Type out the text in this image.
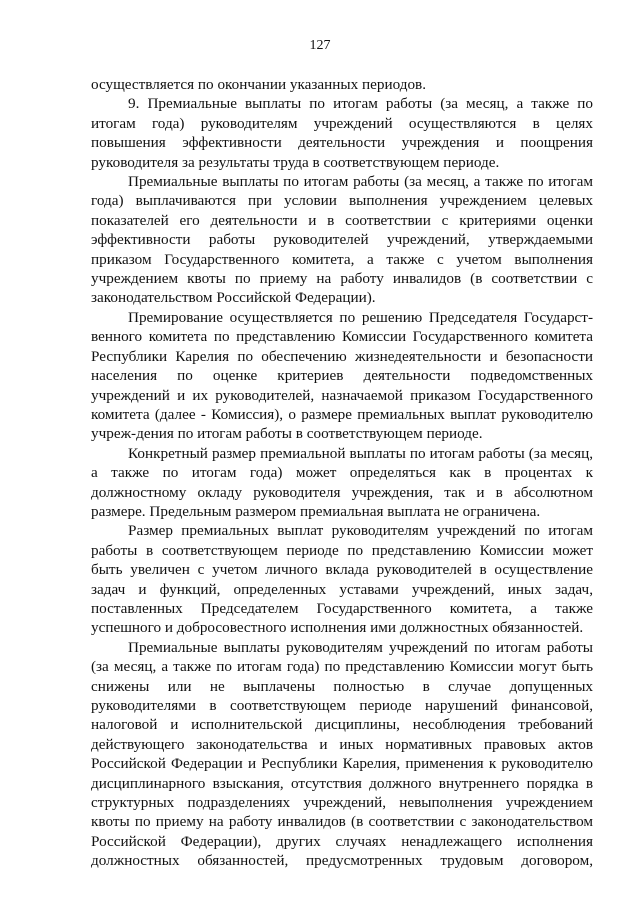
127

осуществляется по окончании указанных периодов.

9. Премиальные выплаты по итогам работы (за месяц, а также по итогам года) руководителям учреждений осуществляются в целях повышения эффективности деятельности учреждения и поощрения руководителя за результаты труда в соответствующем периоде.

Премиальные выплаты по итогам работы (за месяц, а также по итогам года) выплачиваются при условии выполнения учреждением целевых показателей его деятельности и в соответствии с критериями оценки эффективности работы руководителей учреждений, утверждаемыми приказом Государственного комитета, а также с учетом выполнения учреждением квоты по приему на работу инвалидов (в соответствии с законодательством Российской Федерации).

Премирование осуществляется по решению Председателя Государст-венного комитета по представлению Комиссии Государственного комитета Республики Карелия по обеспечению жизнедеятельности и безопасности населения по оценке критериев деятельности подведомственных учреждений и их руководителей, назначаемой приказом Государственного комитета (далее - Комиссия), о размере премиальных выплат руководителю учреж-дения по итогам работы в соответствующем периоде.

Конкретный размер премиальной выплаты по итогам работы (за месяц, а также по итогам года) может определяться как в процентах к должностному окладу руководителя учреждения, так и в абсолютном размере. Предельным размером премиальная выплата не ограничена.

Размер премиальных выплат руководителям учреждений по итогам работы в соответствующем периоде по представлению Комиссии может быть увеличен с учетом личного вклада руководителей в осуществление задач и функций, определенных уставами учреждений, иных задач, поставленных Председателем Государственного комитета, а также успешного и добросовестного исполнения ими должностных обязанностей.

Премиальные выплаты руководителям учреждений по итогам работы (за месяц, а также по итогам года) по представлению Комиссии могут быть снижены или не выплачены полностью в случае допущенных руководителями в соответствующем периоде нарушений финансовой, налоговой и исполнительской дисциплины, несоблюдения требований действующего законодательства и иных нормативных правовых актов Российской Федерации и Республики Карелия, применения к руководителю дисциплинарного взыскания, отсутствия должного внутреннего порядка в структурных подразделениях учреждений, невыполнения учреждением квоты по приему на работу инвалидов (в соответствии с законодательством Российской Федерации), других случаях ненадлежащего исполнения должностных обязанностей, предусмотренных трудовым договором,
